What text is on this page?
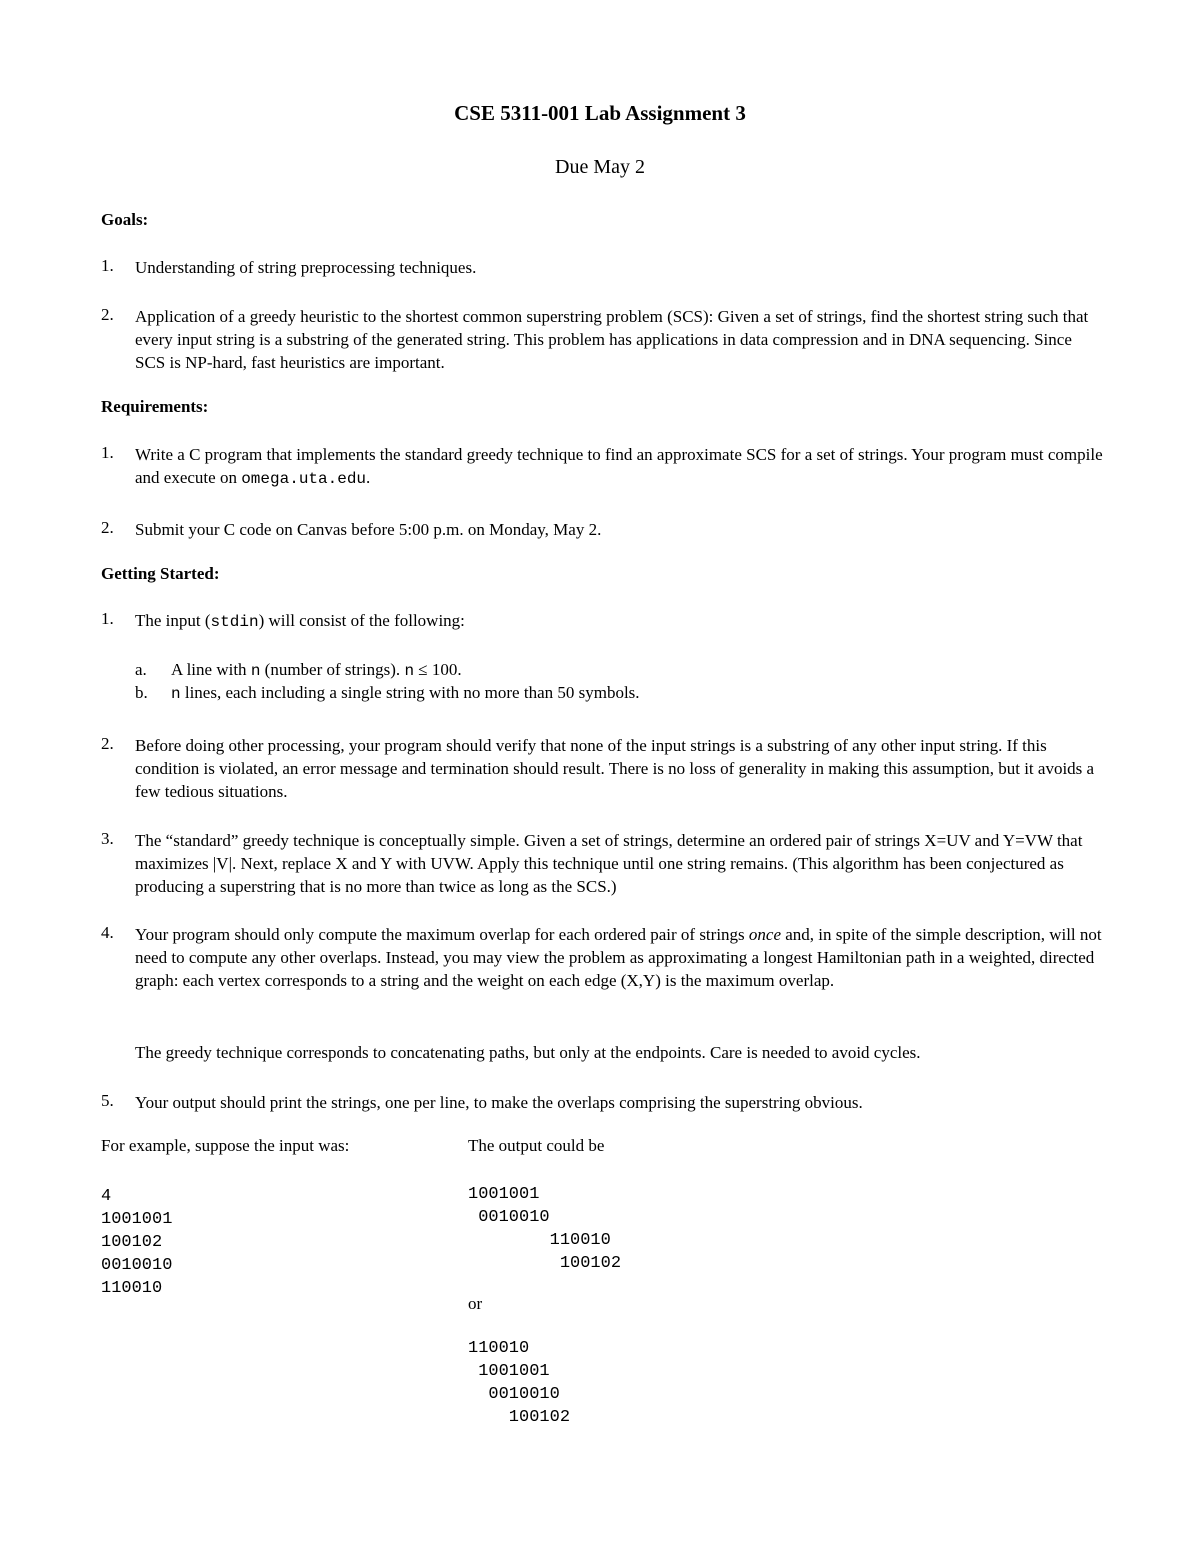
CSE 5311-001 Lab Assignment 3
Due May 2
Goals:
1. Understanding of string preprocessing techniques.
2. Application of a greedy heuristic to the shortest common superstring problem (SCS): Given a set of strings, find the shortest string such that every input string is a substring of the generated string. This problem has applications in data compression and in DNA sequencing. Since SCS is NP-hard, fast heuristics are important.
Requirements:
1. Write a C program that implements the standard greedy technique to find an approximate SCS for a set of strings. Your program must compile and execute on omega.uta.edu.
2. Submit your C code on Canvas before 5:00 p.m. on Monday, May 2.
Getting Started:
1. The input (stdin) will consist of the following:
a. A line with n (number of strings). n ≤ 100.
b. n lines, each including a single string with no more than 50 symbols.
2. Before doing other processing, your program should verify that none of the input strings is a substring of any other input string. If this condition is violated, an error message and termination should result. There is no loss of generality in making this assumption, but it avoids a few tedious situations.
3. The “standard” greedy technique is conceptually simple. Given a set of strings, determine an ordered pair of strings X=UV and Y=VW that maximizes |V|. Next, replace X and Y with UVW. Apply this technique until one string remains. (This algorithm has been conjectured as producing a superstring that is no more than twice as long as the SCS.)
4. Your program should only compute the maximum overlap for each ordered pair of strings once and, in spite of the simple description, will not need to compute any other overlaps. Instead, you may view the problem as approximating a longest Hamiltonian path in a weighted, directed graph: each vertex corresponds to a string and the weight on each edge (X,Y) is the maximum overlap.
The greedy technique corresponds to concatenating paths, but only at the endpoints. Care is needed to avoid cycles.
5. Your output should print the strings, one per line, to make the overlaps comprising the superstring obvious.
For example, suppose the input was:	The output could be
4
1001001
100102
0010010
110010
1001001
0010010
110010
100102
or
110010
1001001
0010010
100102
